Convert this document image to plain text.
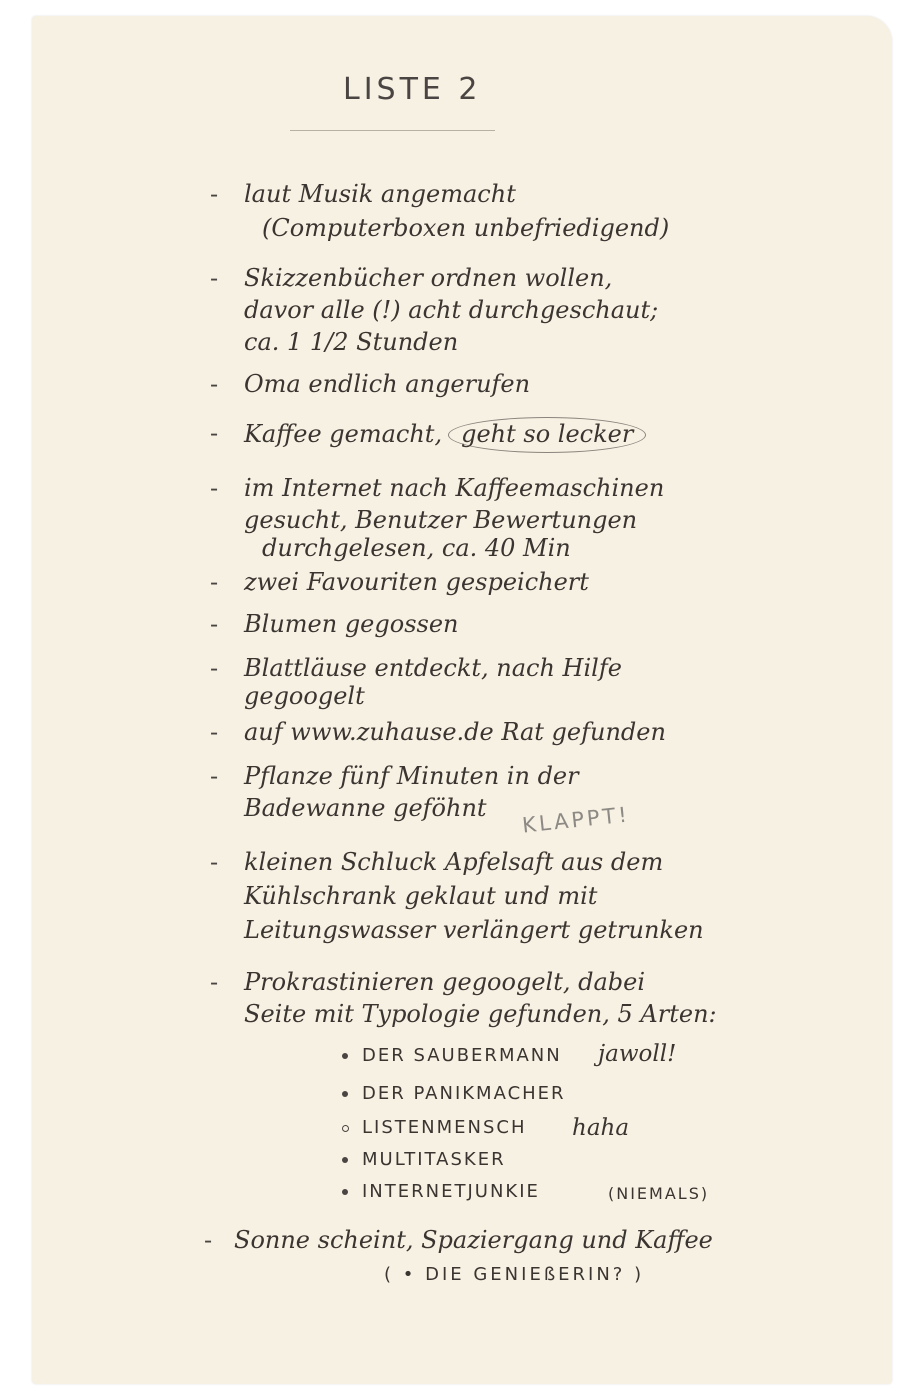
LISTE 2
- laut Musik angemacht
(Computerboxen unbefriedigend)
- Skizzenbücher ordnen wollen,
davor alle (!) acht durchgeschaut;
ca. 1 1/2 Stunden
- Oma endlich angerufen
- Kaffee gemacht, geht so lecker
- im Internet nach Kaffeemaschinen
gesucht, Benutzer Bewertungen
durchgelesen, ca. 40 Min
- zwei Favouriten gespeichert
- Blumen gegossen
- Blattläuse entdeckt, nach Hilfe
gegoogelt
- auf www.zuhause.de Rat gefunden
- Pflanze fünf Minuten in der
Badewanne geföhnt KLAPPT!
- kleinen Schluck Apfelsaft aus dem
Kühlschrank geklaut und mit
Leitungswasser verlängert getrunken
- Prokrastinieren gegoogelt, dabei
Seite mit Typologie gefunden, 5 Arten:
DER SAUBERMANN jawoll!
DER PANIKMACHER
LISTENMENSCH haha
MULTITASKER
INTERNETJUNKIE	(NIEMALS)
- Sonne scheint, Spaziergang und Kaffee
( • DIE GENIEßERIN? )
